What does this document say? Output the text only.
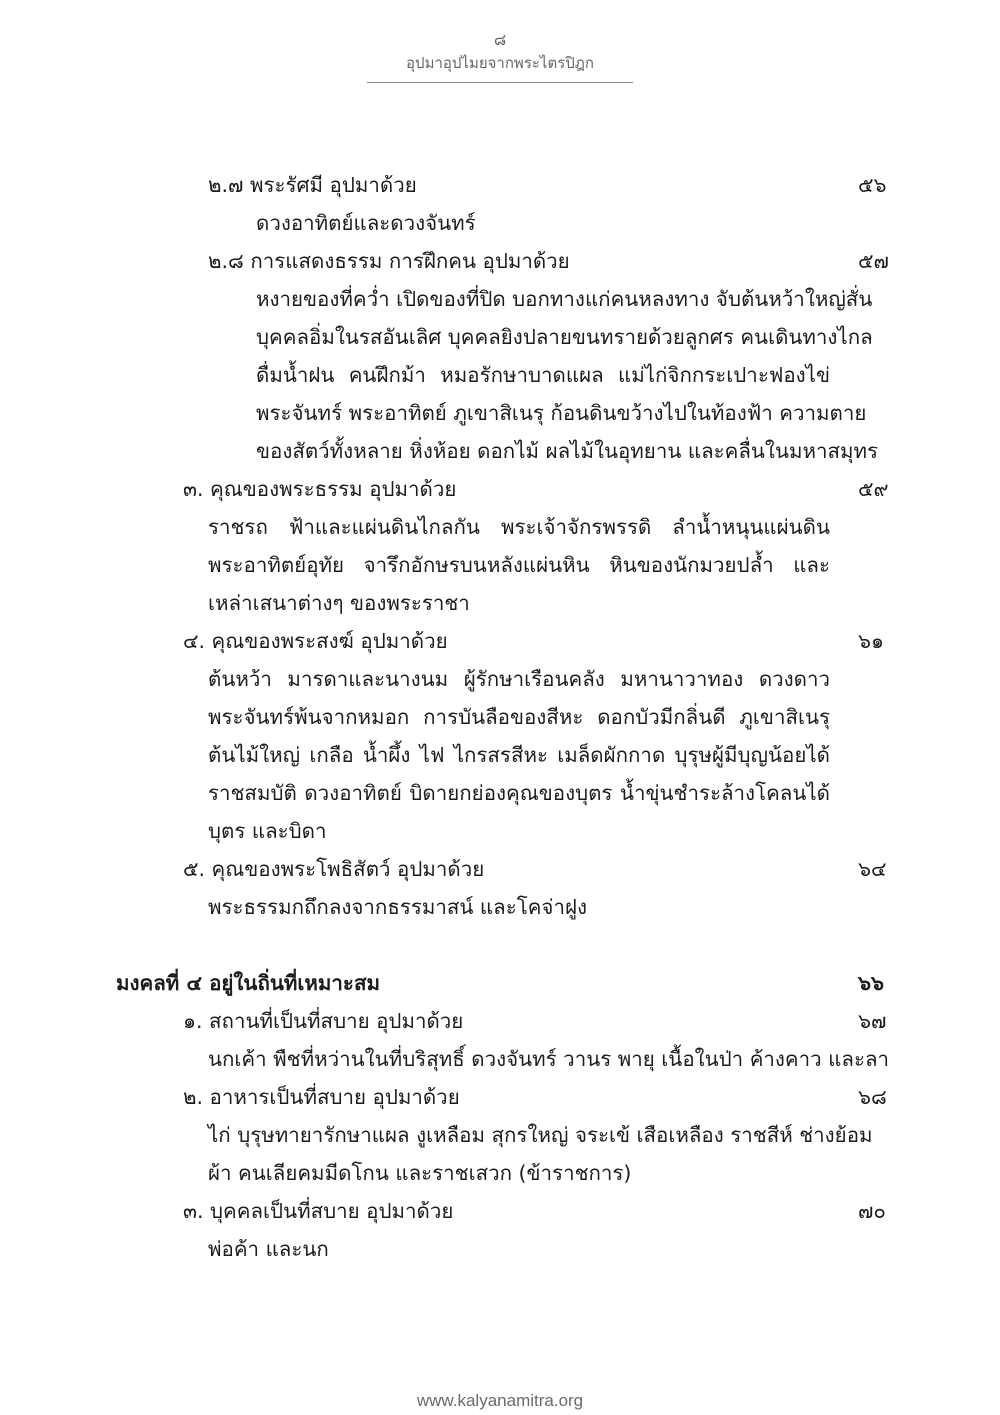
๘
อุปมาอุปไมยจากพระไตรปิฎก
๒.๗ พระรัศมี อุปมาด้วย	๕๖
ดวงอาทิตย์และดวงจันทร์
๒.๘ การแสดงธรรม การฝึกคน อุปมาด้วย	๕๗
หงายของที่คว่ำ เปิดของที่ปิด บอกทางแก่คนหลงทาง จับต้นหว้าใหญ่สั่น
บุคคลอิ่มในรสอันเลิศ บุคคลยิงปลายขนทรายด้วยลูกศร คนเดินทางไกล
ดื่มน้ำฝน คนฝึกม้า หมอรักษาบาดแผล แม่ไก่จิกกระเปาะฟองไข่
พระจันทร์ พระอาทิตย์ ภูเขาสิเนรุ ก้อนดินขว้างไปในท้องฟ้า ความตาย
ของสัตว์ทั้งหลาย หิ่งห้อย ดอกไม้ ผลไม้ในอุทยาน และคลื่นในมหาสมุทร
๓. คุณของพระธรรม อุปมาด้วย	๕๙
ราชรถ ฟ้าและแผ่นดินไกลกัน พระเจ้าจักรพรรดิ ลำน้ำหนุนแผ่นดิน
พระอาทิตย์อุทัย จารึกอักษรบนหลังแผ่นหิน หินของนักมวยปล้ำ และ
เหล่าเสนาต่างๆ ของพระราชา
๔. คุณของพระสงฆ์ อุปมาด้วย	๖๑
ต้นหว้า มารดาและนางนม ผู้รักษาเรือนคลัง มหานาวาทอง ดวงดาว
พระจันทร์พ้นจากหมอก การบันลือของสีหะ ดอกบัวมีกลิ่นดี ภูเขาสิเนรุ
ต้นไม้ใหญ่ เกลือ น้ำผึ้ง ไฟ ไกรสรสีหะ เมล็ดผักกาด บุรุษผู้มีบุญน้อยได้
ราชสมบัติ ดวงอาทิตย์ บิดายกย่องคุณของบุตร น้ำขุ่นชำระล้างโคลนได้
บุตร และบิดา
๕. คุณของพระโพธิสัตว์ อุปมาด้วย	๖๔
พระธรรมกถึกลงจากธรรมาสน์ และโคจ่าฝูง
มงคลที่ ๔ อยู่ในถิ่นที่เหมาะสม	๖๖
๑. สถานที่เป็นที่สบาย อุปมาด้วย	๖๗
นกเค้า พืชที่หว่านในที่บริสุทธิ์ ดวงจันทร์ วานร พายุ เนื้อในป่า ค้างคาว และลา
๒. อาหารเป็นที่สบาย อุปมาด้วย	๖๘
ไก่ บุรุษทายารักษาแผล งูเหลือม สุกรใหญ่ จระเข้ เสือเหลือง ราชสีห์ ช่างย้อม
ผ้า คนเลียคมมีดโกน และราชเสวก (ข้าราชการ)
๓. บุคคลเป็นที่สบาย อุปมาด้วย	๗๐
พ่อค้า และนก
www.kalyanamitra.org
